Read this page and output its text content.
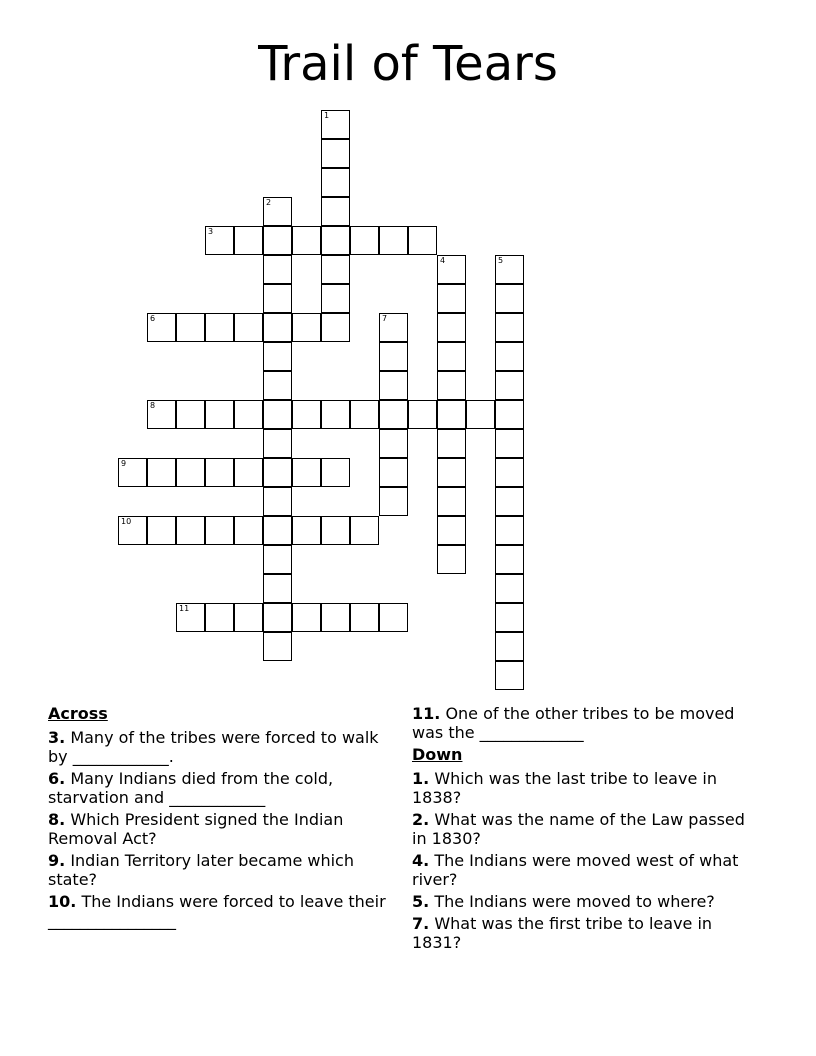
Trail of Tears
1
2
3
4	5
6	7
8
9
10
11
Across
3. Many of the tribes were forced to walk by ____________.
6. Many Indians died from the cold, starvation and ____________
8. Which President signed the Indian Removal Act?
9. Indian Territory later became which state?
10. The Indians were forced to leave their ________________
11. One of the other tribes to be moved was the _____________
Down
1. Which was the last tribe to leave in 1838?
2. What was the name of the Law passed in 1830?
4. The Indians were moved west of what river?
5. The Indians were moved to where?
7. What was the first tribe to leave in 1831?
